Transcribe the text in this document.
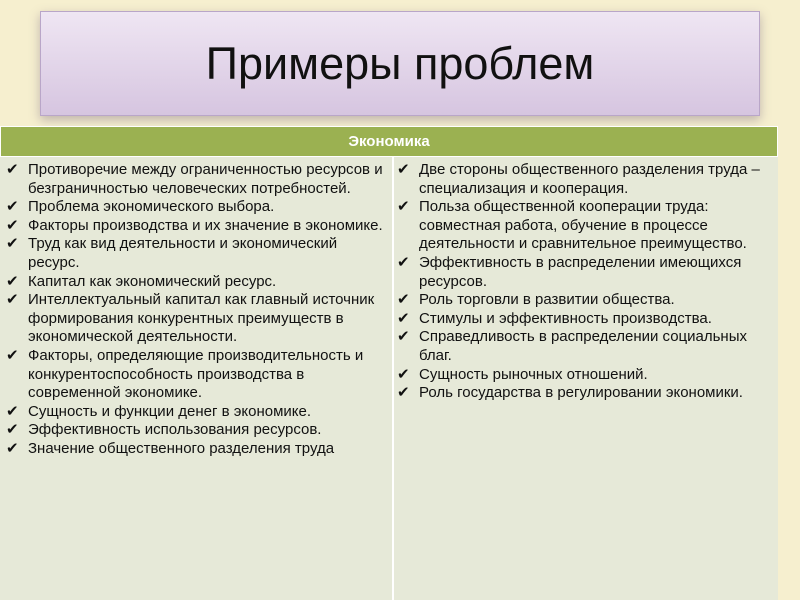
Примеры проблем
Экономика
✔ Противоречие между ограниченностью ресурсов и безграничностью человеческих потребностей.
✔ Проблема экономического выбора.
✔ Факторы производства и их значение в экономике.
✔ Труд как вид деятельности и экономический ресурс.
✔ Капитал как экономический ресурс.
✔ Интеллектуальный капитал как главный источник формирования конкурентных преимуществ в экономической деятельности.
✔ Факторы, определяющие производительность и конкурентоспособность производства в современной экономике.
✔ Сущность и функции денег в экономике.
✔ Эффективность использования ресурсов.
✔ Значение общественного разделения труда
✔ Две стороны общественного разделения труда – специализация и кооперация.
✔ Польза общественной кооперации труда: совместная работа, обучение в процессе деятельности и сравнительное преимущество.
✔ Эффективность в распределении имеющихся ресурсов.
✔ Роль торговли в развитии общества.
✔ Стимулы и эффективность производства.
✔ Справедливость в распределении социальных благ.
✔ Сущность рыночных отношений.
✔ Роль государства в регулировании экономики.
